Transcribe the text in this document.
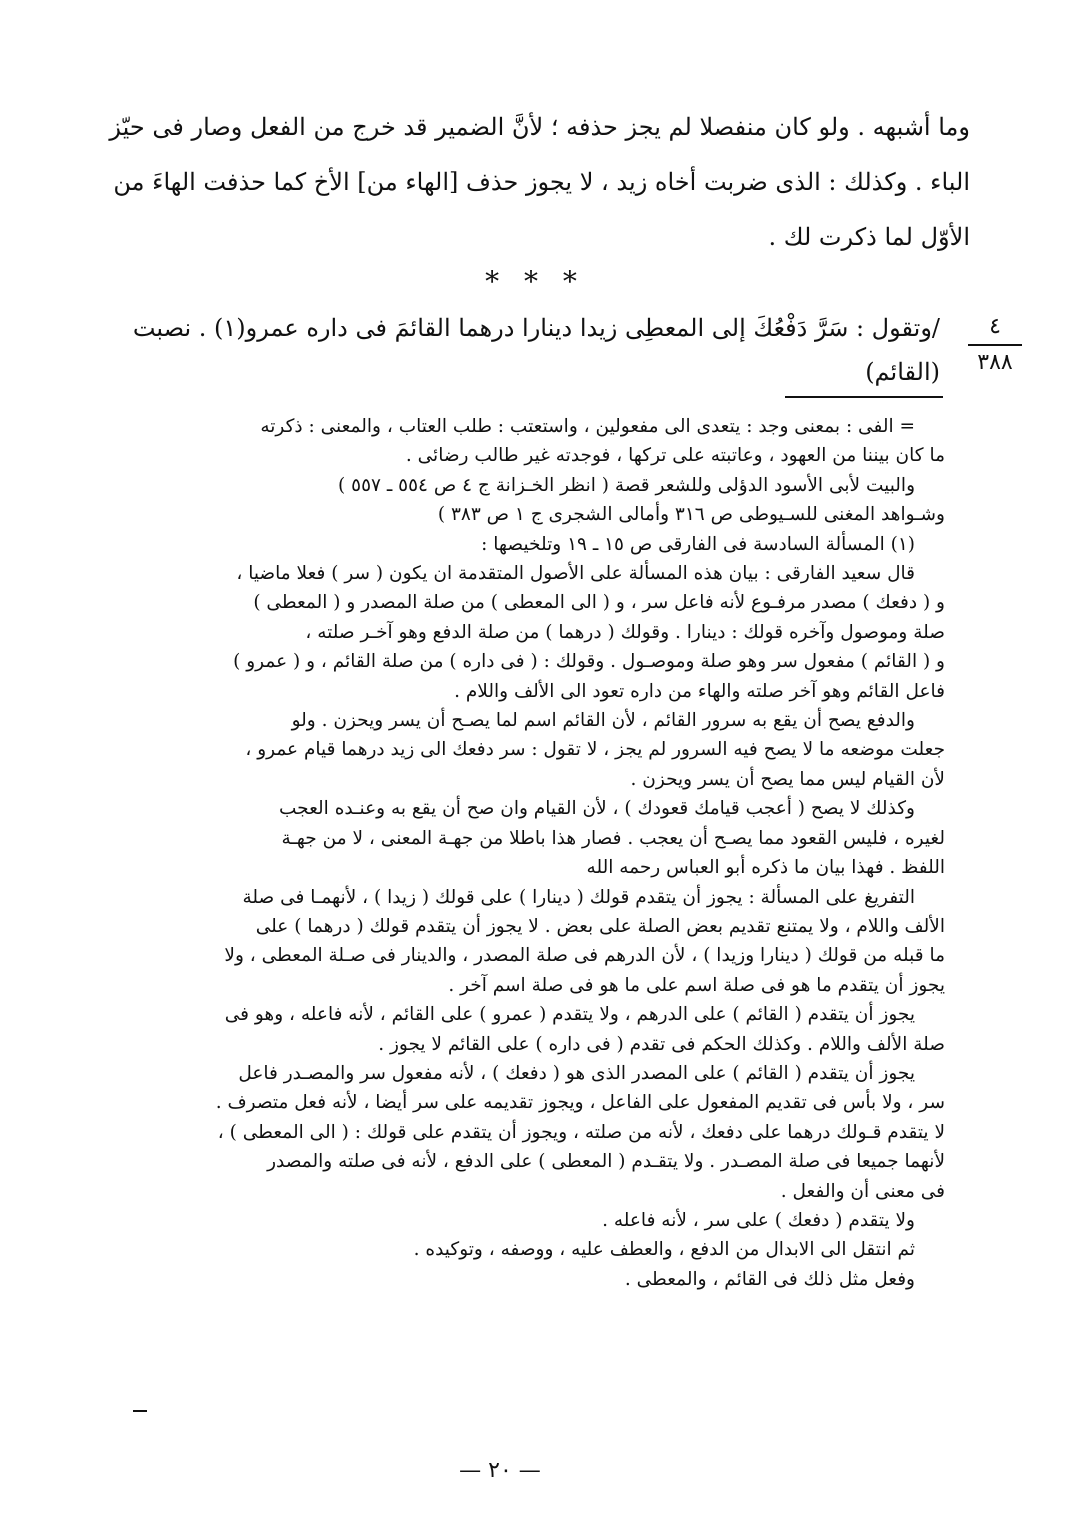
وما أشبهه . ولو كان منفصلا لم يجز حذفه ؛ لأنَّ الضمير قد خرج من الفعل وصار فى حيّز

الباء . وكذلك : الذى ضربت أخاه زيد ، لا يجوز حذف [الهاء من] الأخ كما حذفت الهاءَ من

الأوّل لما ذكرت لك .

* * *
/وتقول : سَرَّ دَفْعُكَ إلى المعطِى زيدا دينارا درهما القائمَ فى داره عمرو(١) . نصبت (القائم)
٤
٣٨٨

= الفى : بمعنى وجد : يتعدى الى مفعولين ، واستعتب : طلب العتاب ، والمعنى : ذكرته

ما كان بيننا من العهود ، وعاتبته على تركها ، فوجدته غير طالب رضائى .

والبيت لأبى الأسود الدؤلى وللشعر قصة ( انظر الخـزانة ج ٤ ص ٥٥٤ ـ ٥٥٧ )

وشـواهد المغنى للسـيوطى ص ٣١٦ وأمالى الشجرى ج ١ ص ٣٨٣ )

(١) المسألة السادسة فى الفارقى ص ١٥ ـ ١٩ وتلخيصها :

قال سعيد الفارقى : بيان هذه المسألة على الأصول المتقدمة ان يكون ( سر ) فعلا ماضيا ،

و ( دفعك ) مصدر مرفـوع لأنه فاعل سر ، و ( الى المعطى ) من صلة المصدر و ( المعطى )

صلة وموصول وآخره قولك : دينارا . وقولك ( درهما ) من صلة الدفع وهو آخـر صلته ،

و ( القائم ) مفعول سر وهو صلة وموصـول . وقولك : ( فى داره ) من صلة القائم ، و ( عمرو )

فاعل القائم وهو آخر صلته والهاء من داره تعود الى الألف واللام .

والدفع يصح أن يقع به سرور القائم ، لأن القائم اسم لما يصـح أن يسر ويحزن . ولو

جعلت موضعه ما لا يصح فيه السرور لم يجز ، لا تقول : سر دفعك الى زيد درهما قيام عمرو ،

لأن القيام ليس مما يصح أن يسر ويحزن .

وكذلك لا يصح ( أعجب قيامك قعودك ) ، لأن القيام وان صح أن يقع به وعنـده العجب

لغيره ، فليس القعود مما يصـح أن يعجب . فصار هذا باطلا من جهـة المعنى ، لا من جهـة

اللفظ . فهذا بيان ما ذكره أبو العباس رحمه الله

التفريغ على المسألة : يجوز أن يتقدم قولك ( دينارا ) على قولك ( زيدا ) ، لأنهمـا فى صلة

الألف واللام ، ولا يمتنع تقديم بعض الصلة على بعض . لا يجوز أن يتقدم قولك ( درهما ) على

ما قبله من قولك ( دينارا وزيدا ) ، لأن الدرهم فى صلة المصدر ، والدينار فى صـلة المعطى ، ولا

يجوز أن يتقدم ما هو فى صلة اسم على ما هو فى صلة اسم آخر .

يجوز أن يتقدم ( القائم ) على الدرهم ، ولا يتقدم ( عمرو ) على القائم ، لأنه فاعله ، وهو فى

صلة الألف واللام . وكذلك الحكم فى تقدم ( فى داره ) على القائم لا يجوز .

يجوز أن يتقدم ( القائم ) على المصدر الذى هو ( دفعك ) ، لأنه مفعول سر والمصـدر فاعل

سر ، ولا بأس فى تقديم المفعول على الفاعل ، ويجوز تقديمه على سر أيضا ، لأنه فعل متصرف .

لا يتقدم قـولك درهما على دفعك ، لأنه من صلته ، ويجوز أن يتقدم على قولك : ( الى المعطى ) ،

لأنهما جميعا فى صلة المصـدر . ولا يتقـدم ( المعطى ) على الدفع ، لأنه فى صلته والمصدر

فى معنى أن والفعل .

ولا يتقدم ( دفعك ) على سر ، لأنه فاعله .

ثم انتقل الى الابدال من الدفع ، والعطف عليه ، ووصفه ، وتوكيده .

وفعل مثل ذلك فى القائم ، والمعطى .

— ٢٠ —
